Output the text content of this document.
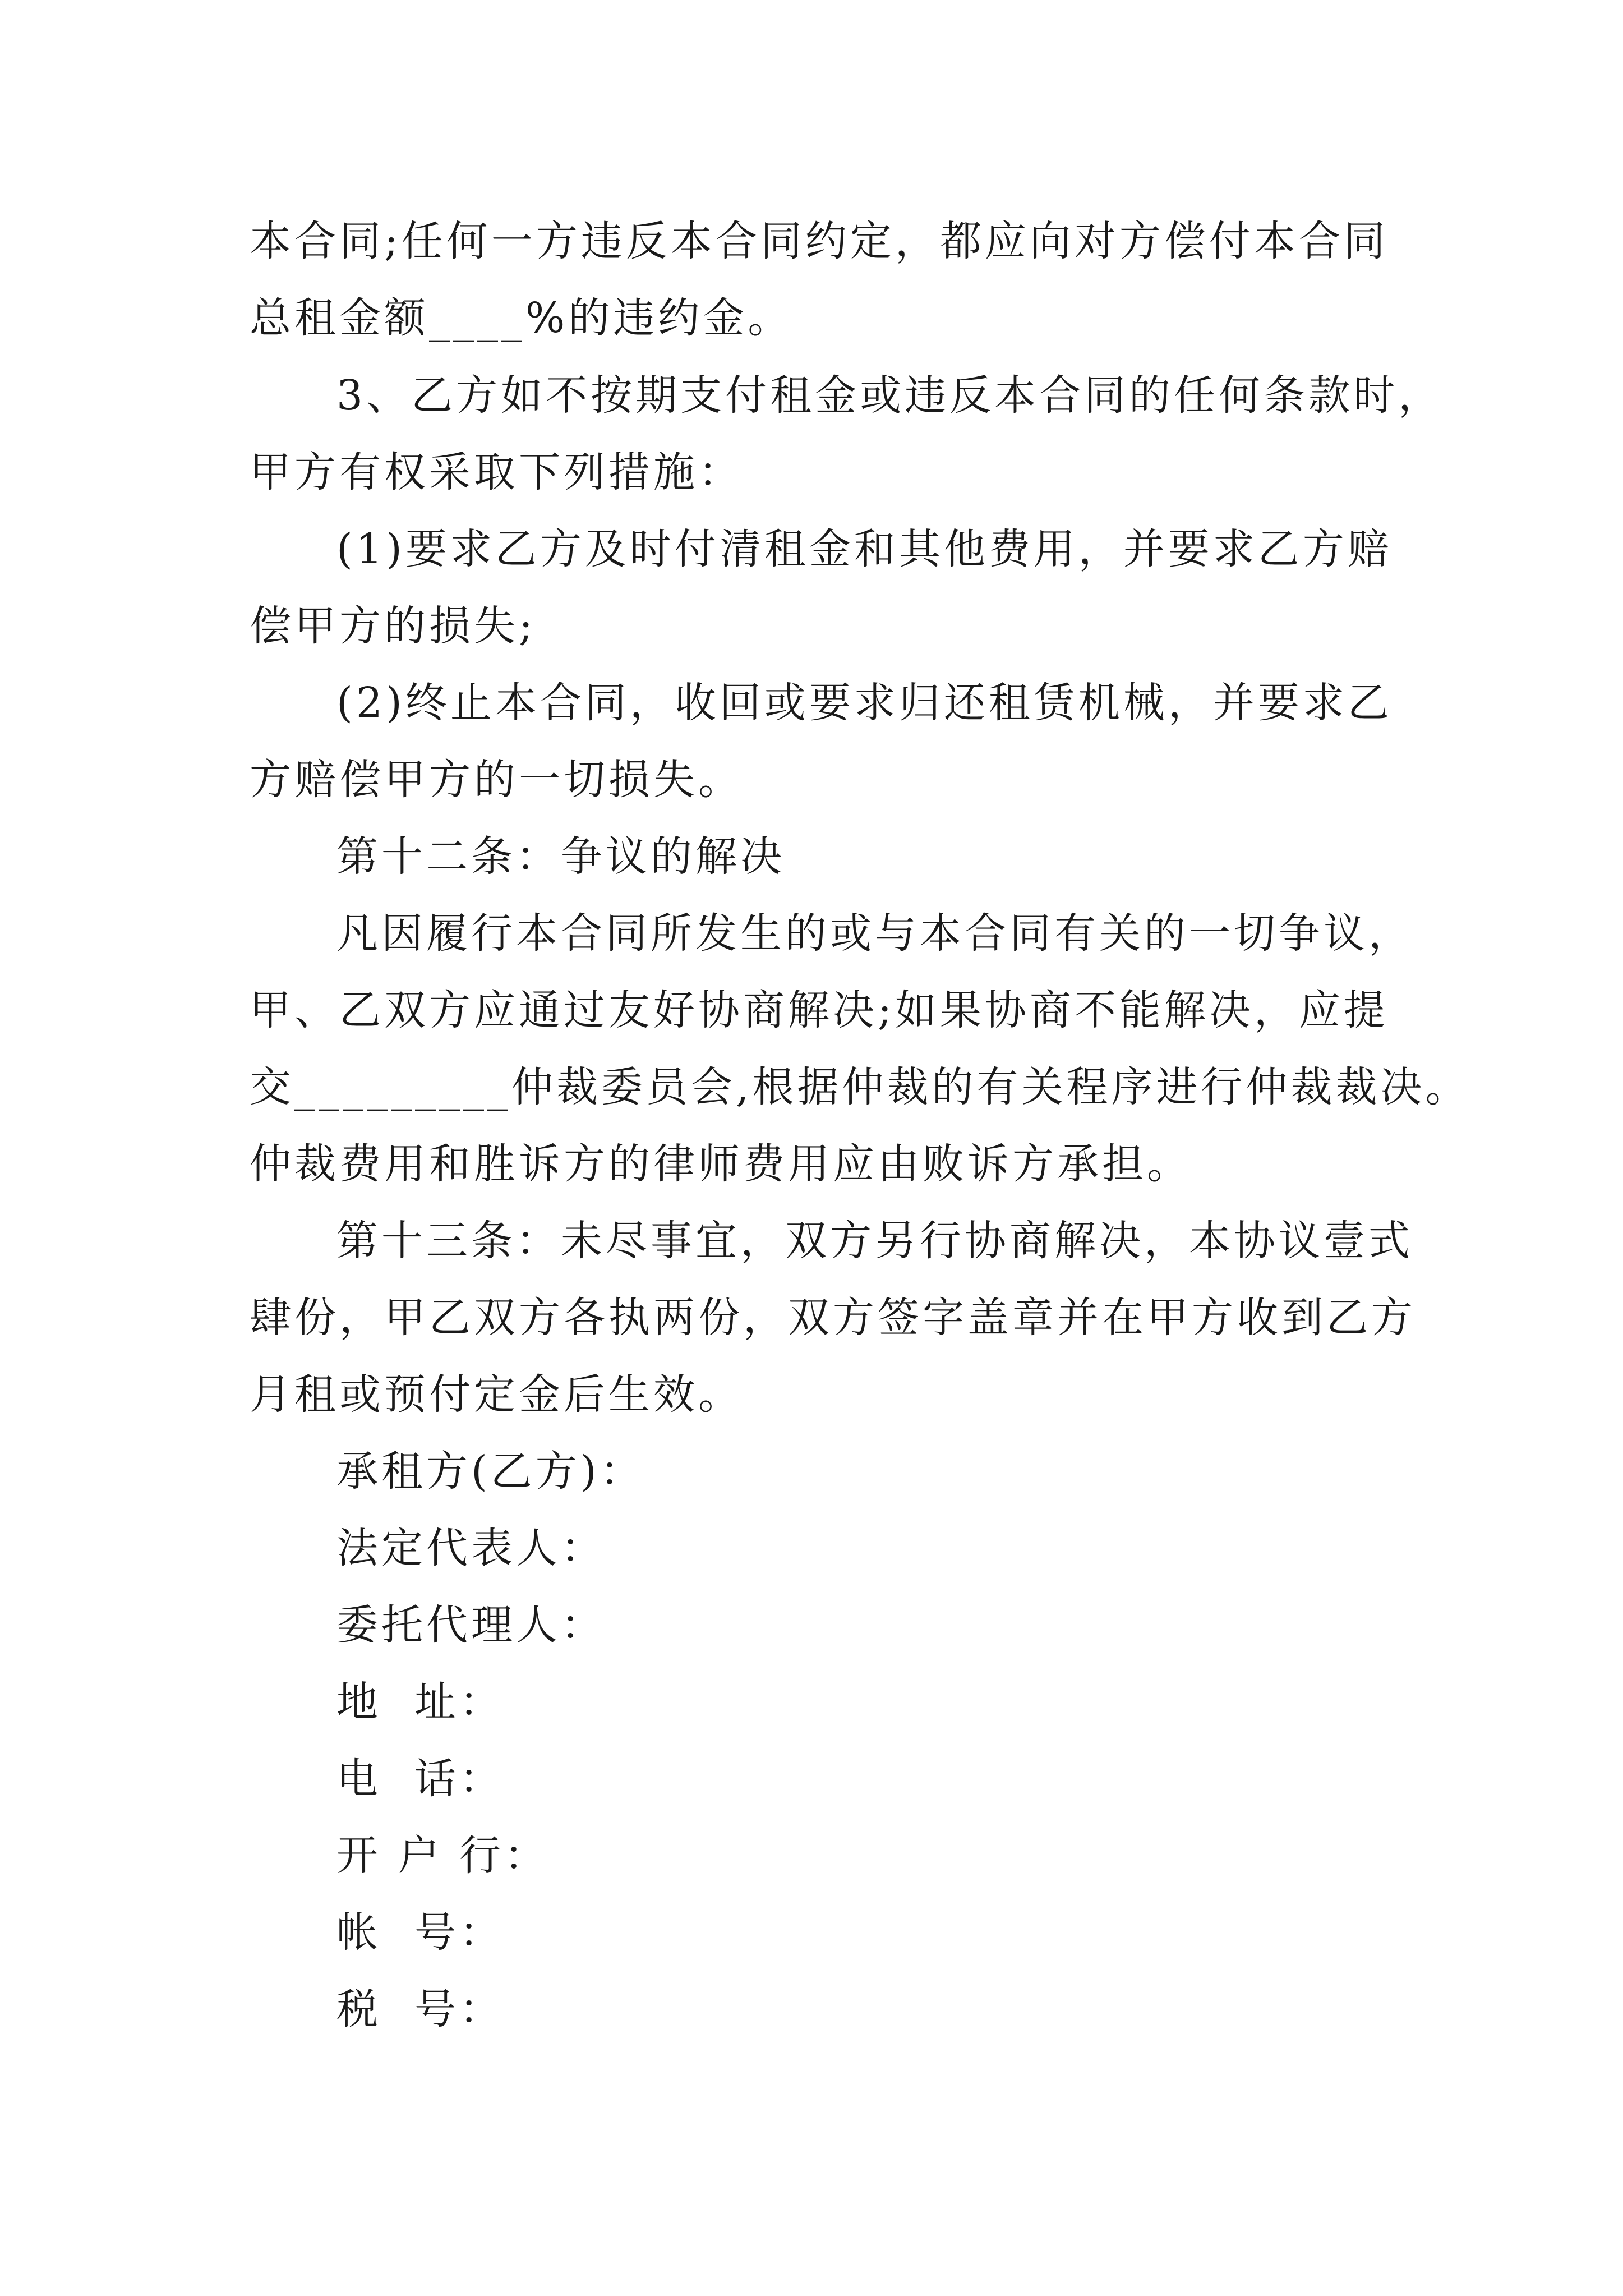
本合同;任何一方违反本合同约定，都应向对方偿付本合同
总租金额____%的违约金。
3、乙方如不按期支付租金或违反本合同的任何条款时，
甲方有权采取下列措施：
(1)要求乙方及时付清租金和其他费用，并要求乙方赔
偿甲方的损失;
(2)终止本合同，收回或要求归还租赁机械，并要求乙
方赔偿甲方的一切损失。
第十二条：争议的解决
凡因履行本合同所发生的或与本合同有关的一切争议，
甲、乙双方应通过友好协商解决;如果协商不能解决，应提
交_________仲裁委员会,根据仲裁的有关程序进行仲裁裁决。
仲裁费用和胜诉方的律师费用应由败诉方承担。
第十三条：未尽事宜，双方另行协商解决，本协议壹式
肆份，甲乙双方各执两份，双方签字盖章并在甲方收到乙方
月租或预付定金后生效。
承租方(乙方)：
法定代表人：
委托代理人：
地  址：
电  话：
开 户 行：
帐  号：
税  号：
